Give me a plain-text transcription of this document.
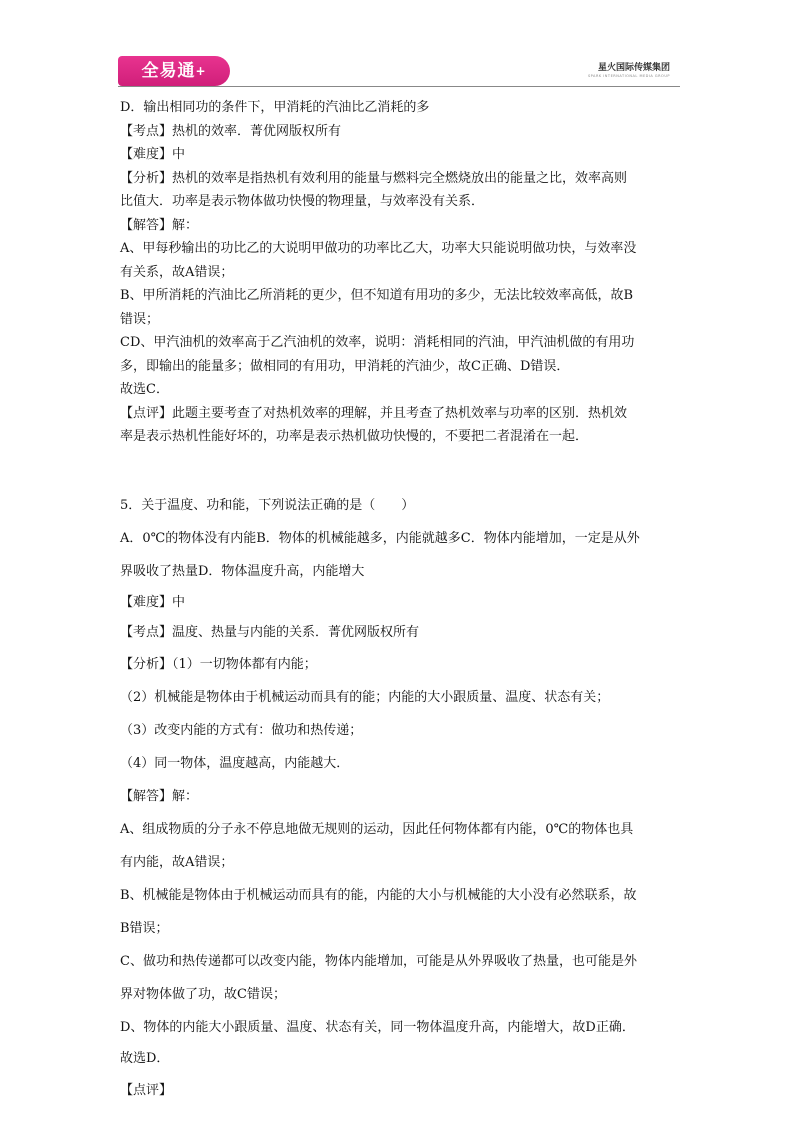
全易通+	星火国际传媒集团
SPARK INTERNATIONAL MEDIA GROUP
D．输出相同功的条件下，甲消耗的汽油比乙消耗的多
【考点】热机的效率．菁优网版权所有
【难度】中
【分析】热机的效率是指热机有效利用的能量与燃料完全燃烧放出的能量之比，效率高则
比值大．功率是表示物体做功快慢的物理量，与效率没有关系．
【解答】解：
A、甲每秒输出的功比乙的大说明甲做功的功率比乙大，功率大只能说明做功快，与效率没
有关系，故A错误；
B、甲所消耗的汽油比乙所消耗的更少，但不知道有用功的多少，无法比较效率高低，故B
错误；
CD、甲汽油机的效率高于乙汽油机的效率，说明：消耗相同的汽油，甲汽油机做的有用功
多，即输出的能量多；做相同的有用功，甲消耗的汽油少，故C正确、D错误．
故选C．
【点评】此题主要考查了对热机效率的理解，并且考查了热机效率与功率的区别．热机效
率是表示热机性能好坏的，功率是表示热机做功快慢的，不要把二者混淆在一起．
5．关于温度、功和能，下列说法正确的是（　　）
A．0℃的物体没有内能B．物体的机械能越多，内能就越多C．物体内能增加，一定是从外
界吸收了热量D．物体温度升高，内能增大
【难度】中
【考点】温度、热量与内能的关系．菁优网版权所有
【分析】（1）一切物体都有内能；
（2）机械能是物体由于机械运动而具有的能；内能的大小跟质量、温度、状态有关；
（3）改变内能的方式有：做功和热传递；
（4）同一物体，温度越高，内能越大．
【解答】解：
A、组成物质的分子永不停息地做无规则的运动，因此任何物体都有内能，0℃的物体也具
有内能，故A错误；
B、机械能是物体由于机械运动而具有的能，内能的大小与机械能的大小没有必然联系，故
B错误；
C、做功和热传递都可以改变内能，物体内能增加，可能是从外界吸收了热量，也可能是外
界对物体做了功，故C错误；
D、物体的内能大小跟质量、温度、状态有关，同一物体温度升高，内能增大，故D正确．
故选D．
【点评】
